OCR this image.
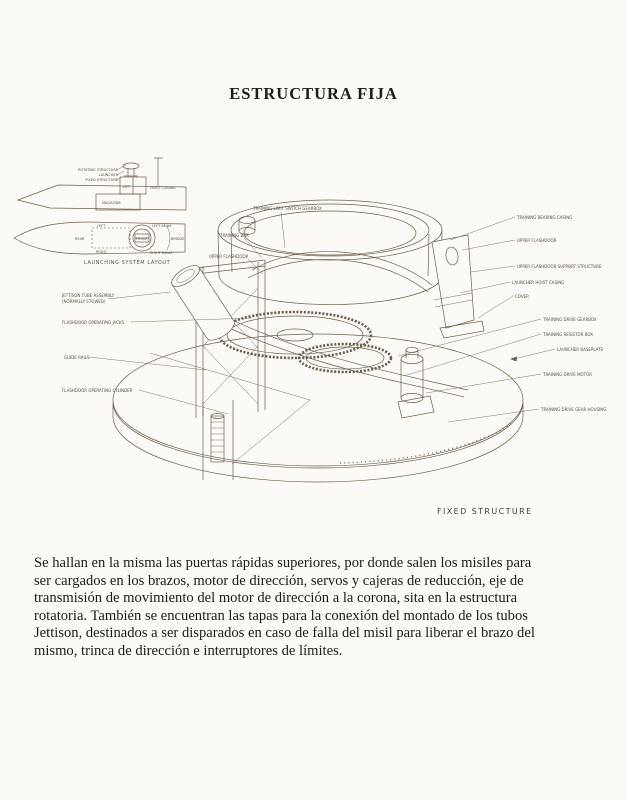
ESTRUCTURA FIJA
ROTATING STRUCTURE
LAUNCHER
FIXED STRUCTURE
LIFT	HOIST CASING
MAGAZINE
LEFT
REAR
RIGHT
LEFT BEAM
FRONT
RIGHT BEAM
BRIDGE
LAUNCHING SYSTEM LAYOUT
TRAINING LIMIT SWITCH GEARBOX
TRAINING BOX
UPPER FLASHDOOR
JETTISON TUBE ASSEMBLY
(NORMALLY STOWED)
FLASHDOOR OPERATING JACKS
GUIDE RAILS
FLASHDOOR OPERATING CYLINDER
TRAINING BEARING CASING
UPPER FLASHDOOR
UPPER FLASHDOOR SUPPORT STRUCTURE
LAUNCHER HOIST CASING
COVER
TRAINING DRIVE GEARBOX
TRAINING RESISTOR BOX
LAUNCHER BASEPLATE
TRAINING DRIVE MOTOR
TRAINING DRIVE GEAR HOUSING
FIXED STRUCTURE
Se hallan en la misma las puertas rápidas superiores, por donde salen los misiles para
ser cargados en los brazos, motor de dirección, servos y cajeras de reducción, eje de
transmisión de movimiento del motor de dirección a la corona, sita en la estructura
rotatoria. También se encuentran las tapas para la conexión del montado de los tubos
Jettison, destinados a ser disparados en caso de falla del misil para liberar el brazo del
mismo, trinca de dirección e interruptores de límites.
